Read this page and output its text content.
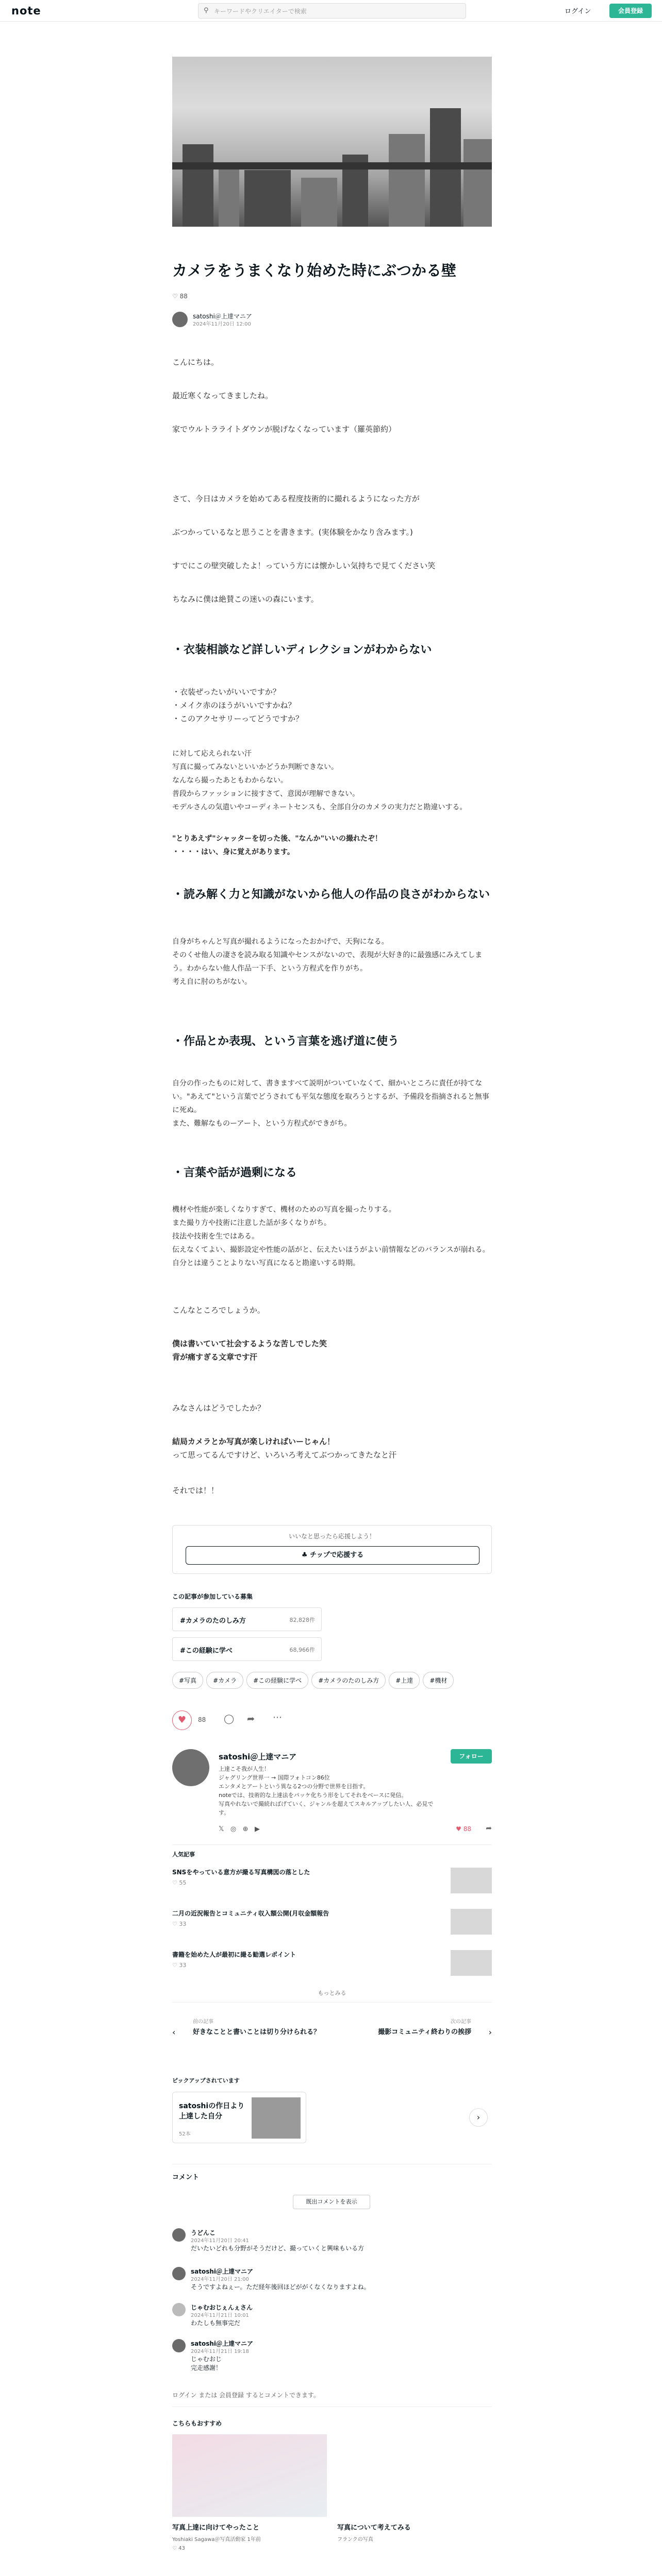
note	⚲ キーワードやクリエイターで検索	ログイン	会員登録
カメラをうまくなり始めた時にぶつかる壁
♡ 88
satoshi＠上達マニア
2024年11月20日 12:00
こんにちは。
最近寒くなってきましたね。
家でウルトラライトダウンが脱げなくなっています（羅英節約）
さて、今日はカメラを始めてある程度技術的に撮れるようになった方が
ぶつかっているなと思うことを書きます。(実体験をかなり含みます。)
すでにこの壁突破したよ！っていう方には懐かしい気持ちで見てください笑
ちなみに僕は絶賛この迷いの森にいます。
・衣装相談など詳しいディレクションがわからない
・衣装ぜったいがいいですか？
・メイク赤のほうがいいですかね？
・このアクセサリーってどうですか？
に対して応えられない汗
写真に撮ってみないといいかどうか判断できない。
なんなら撮ったあともわからない。
普段からファッションに接すさて、意図が理解できない。
モデルさんの気遣いやコーディネートセンスも、全部自分のカメラの実力だと勘違いする。
"とりあえず"シャッターを切った後、"なんか"いいの撮れたぞ！
・・・・はい、身に覚えがあります。
・読み解く力と知識がないから他人の作品の良さがわからない
自身がちゃんと写真が撮れるようになったおかげで、天狗になる。
そのくせ他人の凄さを読み取る知識やセンスがないので、表現が大好き的に最強感にみえてしまう。わからない他人作品一下手、という方程式を作りがち。
考え自に肘のちがない。
・作品とか表現、という言葉を逃げ道に使う
自分の作ったものに対して、書きますべて説明がついていなくて、細かいところに責任が持てない。"あえて"という言葉でどうされても平気な態度を取ろうとするが、予備段を指摘されると無事に死ぬ。
また、難解なものーアート、という方程式ができがち。
・言葉や話が過剰になる
機材や性能が楽しくなりすぎて、機材のための写真を撮ったりする。
また撮り方や技術に注意した話が多くなりがち。
技法や技術を生ではある。
伝えなくてよい、撮影設定や性能の話がと、伝えたいほうがよい前情報などのバランスが崩れる。自分とは違うことよりない写真になると勘違いする時期。
こんなところでしょうか。
僕は書いていて社会するような苦しでした笑
背が痛すぎる文章です汗
みなさんはどうでしたか？
結局カメラとか写真が楽しければいーじゃん！
って思ってるんですけど、いろいろ考えてぶつかってきたなと汗
それでは！！
いいなと思ったら応援しよう！
♣ チップで応援する
この記事が参加している募集
82,828件
#カメラのたのしみ方
68,966件
#この経験に学べ
#写真	#カメラ	#この経験に学べ	#カメラのたのしみ方	#上達	#機材
♥	88 ◯ ➦ ⋯
satoshi＠上達マニア	フォロー
上達こそ我が人生！
ジャグリング世界一 → 国際フォトコン86位
エンタメとアートという異なる2つの分野で世界を目指す。
noteでは、技術的な上達法をパッケ化ちう形をしてそれをベースに発信。
写真やれないで撮続ればげていく、ジャンルを超えてスキルアップしたい人、必見です。
𝕏 ◎ ⊕ ▶	♥ 88 ➦
人気記事
SNSをやっている意方が撮る写真構図の落とした
♡ 55
二月の近況報告とコミュニティ収入額公開(月収金額報告
♡ 33
書籍を始めた人が最初に撮る勧選レポイント
♡ 33
もっとみる
‹
前の記事
好きなことと書いことは切り分けられる？
次の記事
撮影コミュニティ終わりの挨拶 ›
ピックアップされています
satoshiの作日より上達した自分
52本
›
コメント
既出コメントを表示
うどんこ
2024年11月20日 20:41
だいたいどれも分野がそうだけど、撮っていくと興味もいる方
satoshi＠上達マニア
2024年11月20日 21:00
そうですよねぇー。ただ経年後回ほどががくなくなりますよね。
じゃむおじぇんぇさん
2024年11月21日 10:01
わたしも無事完だ
satoshi＠上達マニア
2024年11月21日 19:18
じゃむおじ
完走感謝！
ログイン または 会員登録 するとコメントできます。
こちらもおすすめ
写真上達に向けてやったこと
Yoshiaki Sagawa＠写真活動家 1年前
♡ 43
写真について考えてみる
フランクの写真
